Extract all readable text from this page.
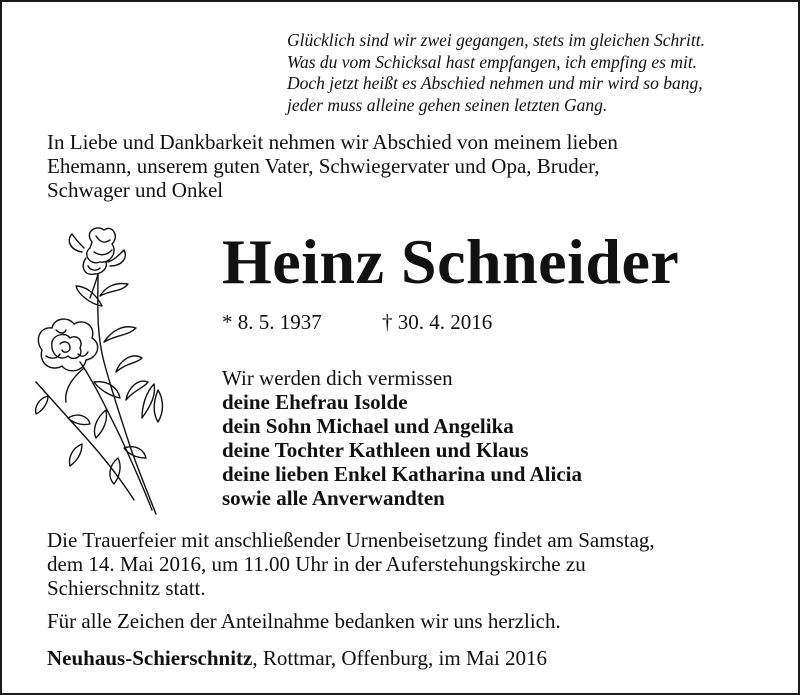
Glücklich sind wir zwei gegangen, stets im gleichen Schritt.
Was du vom Schicksal hast empfangen, ich empfing es mit.
Doch jetzt heißt es Abschied nehmen und mir wird so bang,
jeder muss alleine gehen seinen letzten Gang.
In Liebe und Dankbarkeit nehmen wir Abschied von meinem lieben
Ehemann, unserem guten Vater, Schwiegervater und Opa, Bruder,
Schwager und Onkel
Heinz Schneider
* 8. 5. 1937	† 30. 4. 2016
Wir werden dich vermissen
deine Ehefrau Isolde
dein Sohn Michael und Angelika
deine Tochter Kathleen und Klaus
deine lieben Enkel Katharina und Alicia
sowie alle Anverwandten
Die Trauerfeier mit anschließender Urnenbeisetzung findet am Samstag,
dem 14. Mai 2016, um 11.00 Uhr in der Auferstehungskirche zu
Schierschnitz statt.
Für alle Zeichen der Anteilnahme bedanken wir uns herzlich.
Neuhaus-Schierschnitz, Rottmar, Offenburg, im Mai 2016
